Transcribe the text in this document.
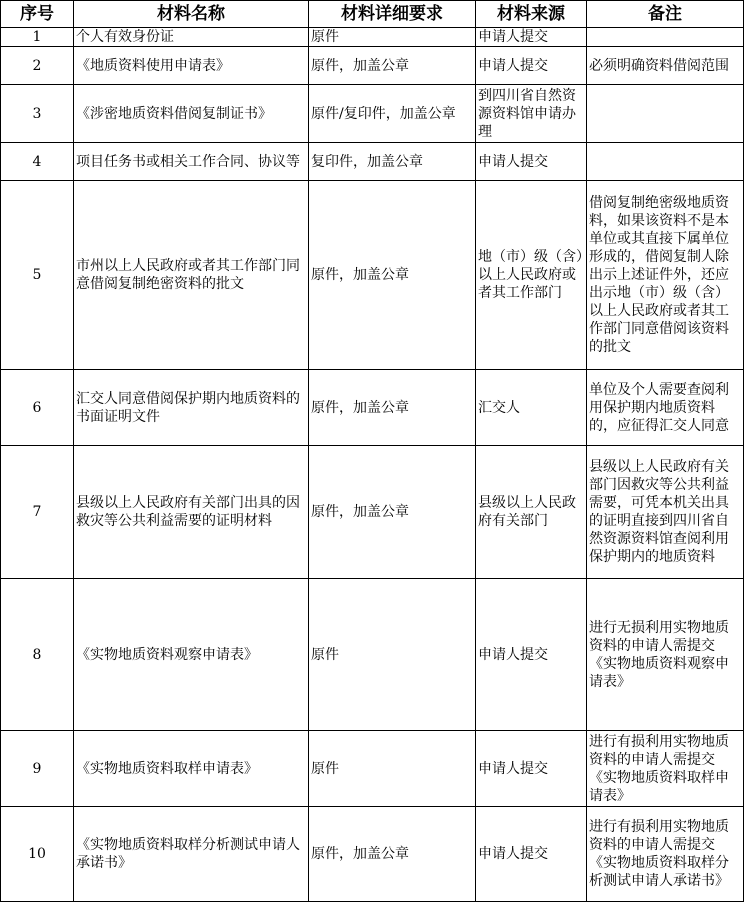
序号	材料名称	材料详细要求	材料来源	备注
1	个人有效身份证	原件	申请人提交	
2	《地质资料使用申请表》	原件，加盖公章	申请人提交	必须明确资料借阅范围
3	《涉密地质资料借阅复制证书》	原件/复印件，加盖公章	到四川省自然资源资料馆申请办理	
4	项目任务书或相关工作合同、协议等	复印件，加盖公章	申请人提交	
5	市州以上人民政府或者其工作部门同意借阅复制绝密资料的批文	原件，加盖公章	地（市）级（含）以上人民政府或者其工作部门	借阅复制绝密级地质资料，如果该资料不是本单位或其直接下属单位形成的，借阅复制人除出示上述证件外，还应出示地（市）级（含）以上人民政府或者其工作部门同意借阅该资料的批文
6	汇交人同意借阅保护期内地质资料的书面证明文件	原件，加盖公章	汇交人	单位及个人需要查阅利用保护期内地质资料的，应征得汇交人同意
7	县级以上人民政府有关部门出具的因救灾等公共利益需要的证明材料	原件，加盖公章	县级以上人民政府有关部门	县级以上人民政府有关部门因救灾等公共利益需要，可凭本机关出具的证明直接到四川省自然资源资料馆查阅利用保护期内的地质资料
8	《实物地质资料观察申请表》	原件	申请人提交	进行无损利用实物地质资料的申请人需提交《实物地质资料观察申请表》
9	《实物地质资料取样申请表》	原件	申请人提交	进行有损利用实物地质资料的申请人需提交《实物地质资料取样申请表》
10	《实物地质资料取样分析测试申请人承诺书》	原件，加盖公章	申请人提交	进行有损利用实物地质资料的申请人需提交《实物地质资料取样分析测试申请人承诺书》
